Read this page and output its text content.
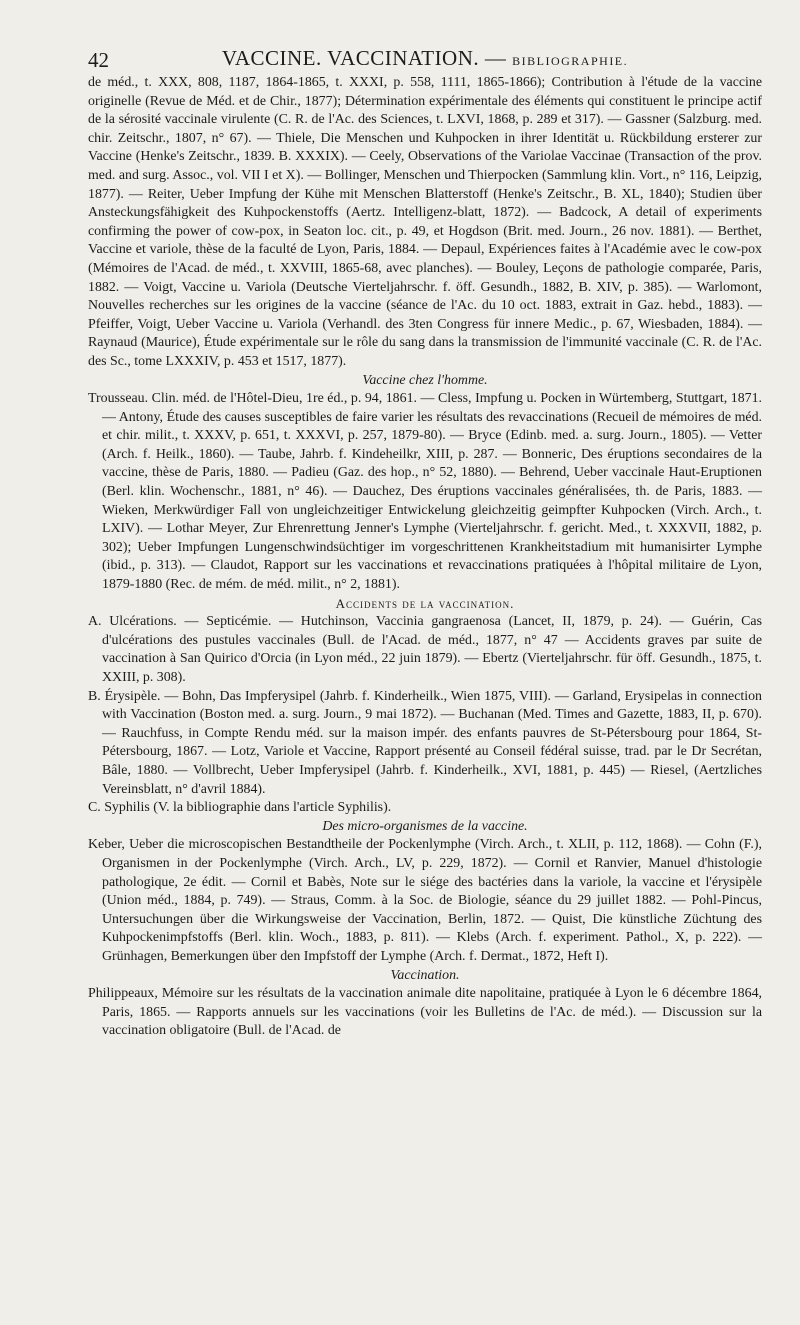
42	VACCINE. VACCINATION. — BIBLIOGRAPHIE.

de méd., t. XXX, 808, 1187, 1864-1865, t. XXXI, p. 558, 1111, 1865-1866); Contribution à l'étude de la vaccine originelle (Revue de Méd. et de Chir., 1877); Détermination expérimentale des éléments qui constituent le principe actif de la sérosité vaccinale virulente (C. R. de l'Ac. des Sciences, t. LXVI, 1868, p. 289 et 317). — Gassner (Salzburg. med. chir. Zeitschr., 1807, n° 67). — Thiele, Die Menschen und Kuhpocken in ihrer Identität u. Rückbildung ersterer zur Vaccine (Henke's Zeitschr., 1839. B. XXXIX). — Ceely, Observations of the Variolae Vaccinae (Transaction of the prov. med. and surg. Assoc., vol. VII I et X). — Bollinger, Menschen und Thierpocken (Sammlung klin. Vort., n° 116, Leipzig, 1877). — Reiter, Ueber Impfung der Kühe mit Menschen Blatterstoff (Henke's Zeitschr., B. XL, 1840); Studien über Ansteckungsfähigkeit des Kuhpockenstoffs (Aertz. Intelligenz-blatt, 1872). — Badcock, A detail of experiments confirming the power of cow-pox, in Seaton loc. cit., p. 49, et Hogdson (Brit. med. Journ., 26 nov. 1881). — Berthet, Vaccine et variole, thèse de la faculté de Lyon, Paris, 1884. — Depaul, Expériences faites à l'Académie avec le cow-pox (Mémoires de l'Acad. de méd., t. XXVIII, 1865-68, avec planches). — Bouley, Leçons de pathologie comparée, Paris, 1882. — Voigt, Vaccine u. Variola (Deutsche Vierteljahrschr. f. öff. Gesundh., 1882, B. XIV, p. 385). — Warlomont, Nouvelles recherches sur les origines de la vaccine (séance de l'Ac. du 10 oct. 1883, extrait in Gaz. hebd., 1883). — Pfeiffer, Voigt, Ueber Vaccine u. Variola (Verhandl. des 3ten Congress für innere Medic., p. 67, Wiesbaden, 1884). — Raynaud (Maurice), Étude expérimentale sur le rôle du sang dans la transmission de l'immunité vaccinale (C. R. de l'Ac. des Sc., tome LXXXIV, p. 453 et 1517, 1877).

Vaccine chez l'homme.

Trousseau. Clin. méd. de l'Hôtel-Dieu, 1re éd., p. 94, 1861. — Cless, Impfung u. Pocken in Würtemberg, Stuttgart, 1871. — Antony, Étude des causes susceptibles de faire varier les résultats des revaccinations (Recueil de mémoires de méd. et chir. milit., t. XXXV, p. 651, t. XXXVI, p. 257, 1879-80). — Bryce (Edinb. med. a. surg. Journ., 1805). — Vetter (Arch. f. Heilk., 1860). — Taube, Jahrb. f. Kindeheilkr, XIII, p. 287. — Bonneric, Des éruptions secondaires de la vaccine, thèse de Paris, 1880. — Padieu (Gaz. des hop., n° 52, 1880). — Behrend, Ueber vaccinale Haut-Eruptionen (Berl. klin. Wochenschr., 1881, n° 46). — Dauchez, Des éruptions vaccinales généralisées, th. de Paris, 1883. — Wieken, Merkwürdiger Fall von ungleichzeitiger Entwickelung gleichzeitig geimpfter Kuhpocken (Virch. Arch., t. LXIV). — Lothar Meyer, Zur Ehrenrettung Jenner's Lymphe (Vierteljahrschr. f. gericht. Med., t. XXXVII, 1882, p. 302); Ueber Impfungen Lungenschwindsüchtiger im vorgeschrittenen Krankheitstadium mit humanisirter Lymphe (ibid., p. 313). — Claudot, Rapport sur les vaccinations et revaccinations pratiquées à l'hôpital militaire de Lyon, 1879-1880 (Rec. de mém. de méd. milit., n° 2, 1881).

Accidents de la vaccination.

A. Ulcérations. — Septicémie. — Hutchinson, Vaccinia gangraenosa (Lancet, II, 1879, p. 24). — Guérin, Cas d'ulcérations des pustules vaccinales (Bull. de l'Acad. de méd., 1877, n° 47 — Accidents graves par suite de vaccination à San Quirico d'Orcia (in Lyon méd., 22 juin 1879). — Ebertz (Vierteljahrschr. für öff. Gesundh., 1875, t. XXIII, p. 308).

B. Érysipèle. — Bohn, Das Impferysipel (Jahrb. f. Kinderheilk., Wien 1875, VIII). — Garland, Erysipelas in connection with Vaccination (Boston med. a. surg. Journ., 9 mai 1872). — Buchanan (Med. Times and Gazette, 1883, II, p. 670). — Rauchfuss, in Compte Rendu méd. sur la maison impér. des enfants pauvres de St-Pétersbourg pour 1864, St-Pétersbourg, 1867. — Lotz, Variole et Vaccine, Rapport présenté au Conseil fédéral suisse, trad. par le Dr Secrétan, Bâle, 1880. — Vollbrecht, Ueber Impferysipel (Jahrb. f. Kinderheilk., XVI, 1881, p. 445) — Riesel, (Aertzliches Vereinsblatt, n° d'avril 1884).

C. Syphilis (V. la bibliographie dans l'article Syphilis).

Des micro-organismes de la vaccine.

Keber, Ueber die microscopischen Bestandtheile der Pockenlymphe (Virch. Arch., t. XLII, p. 112, 1868). — Cohn (F.), Organismen in der Pockenlymphe (Virch. Arch., LV, p. 229, 1872). — Cornil et Ranvier, Manuel d'histologie pathologique, 2e édit. — Cornil et Babès, Note sur le siége des bactéries dans la variole, la vaccine et l'érysipèle (Union méd., 1884, p. 749). — Straus, Comm. à la Soc. de Biologie, séance du 29 juillet 1882. — Pohl-Pincus, Untersuchungen über die Wirkungsweise der Vaccination, Berlin, 1872. — Quist, Die künstliche Züchtung des Kuhpockenimpfstoffs (Berl. klin. Woch., 1883, p. 811). — Klebs (Arch. f. experiment. Pathol., X, p. 222). — Grünhagen, Bemerkungen über den Impfstoff der Lymphe (Arch. f. Dermat., 1872, Heft I).

Vaccination.

Philippeaux, Mémoire sur les résultats de la vaccination animale dite napolitaine, pratiquée à Lyon le 6 décembre 1864, Paris, 1865. — Rapports annuels sur les vaccinations (voir les Bulletins de l'Ac. de méd.). — Discussion sur la vaccination obligatoire (Bull. de l'Acad. de
